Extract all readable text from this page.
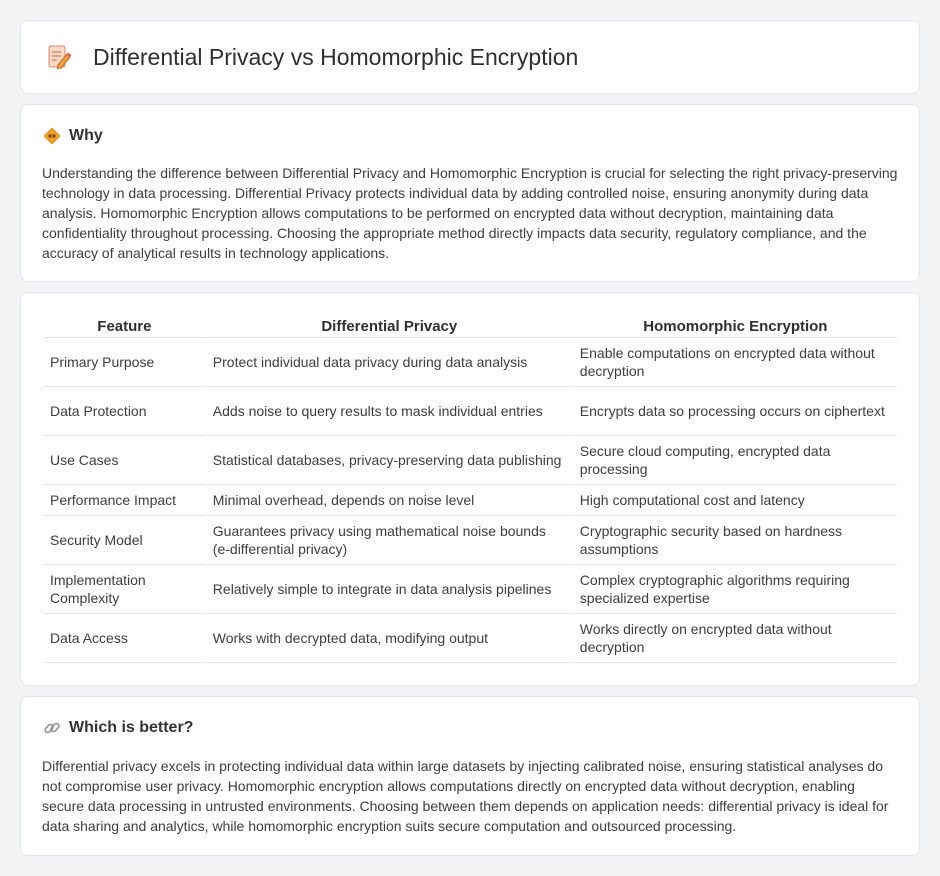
Differential Privacy vs Homomorphic Encryption
Why

Understanding the difference between Differential Privacy and Homomorphic Encryption is crucial for selecting the right privacy-preserving technology in data processing. Differential Privacy protects individual data by adding controlled noise, ensuring anonymity during data analysis. Homomorphic Encryption allows computations to be performed on encrypted data without decryption, maintaining data confidentiality throughout processing. Choosing the appropriate method directly impacts data security, regulatory compliance, and the accuracy of analytical results in technology applications.

Feature	Differential Privacy	Homomorphic Encryption
Primary Purpose	Protect individual data privacy during data analysis	Enable computations on encrypted data without decryption
Data Protection	Adds noise to query results to mask individual entries	Encrypts data so processing occurs on ciphertext
Use Cases	Statistical databases, privacy-preserving data publishing	Secure cloud computing, encrypted data processing
Performance Impact	Minimal overhead, depends on noise level	High computational cost and latency
Security Model	Guarantees privacy using mathematical noise bounds (e-differential privacy)	Cryptographic security based on hardness assumptions
Implementation Complexity	Relatively simple to integrate in data analysis pipelines	Complex cryptographic algorithms requiring specialized expertise
Data Access	Works with decrypted data, modifying output	Works directly on encrypted data without decryption
Which is better?

Differential privacy excels in protecting individual data within large datasets by injecting calibrated noise, ensuring statistical analyses do not compromise user privacy. Homomorphic encryption allows computations directly on encrypted data without decryption, enabling secure data processing in untrusted environments. Choosing between them depends on application needs: differential privacy is ideal for data sharing and analytics, while homomorphic encryption suits secure computation and outsourced processing.
